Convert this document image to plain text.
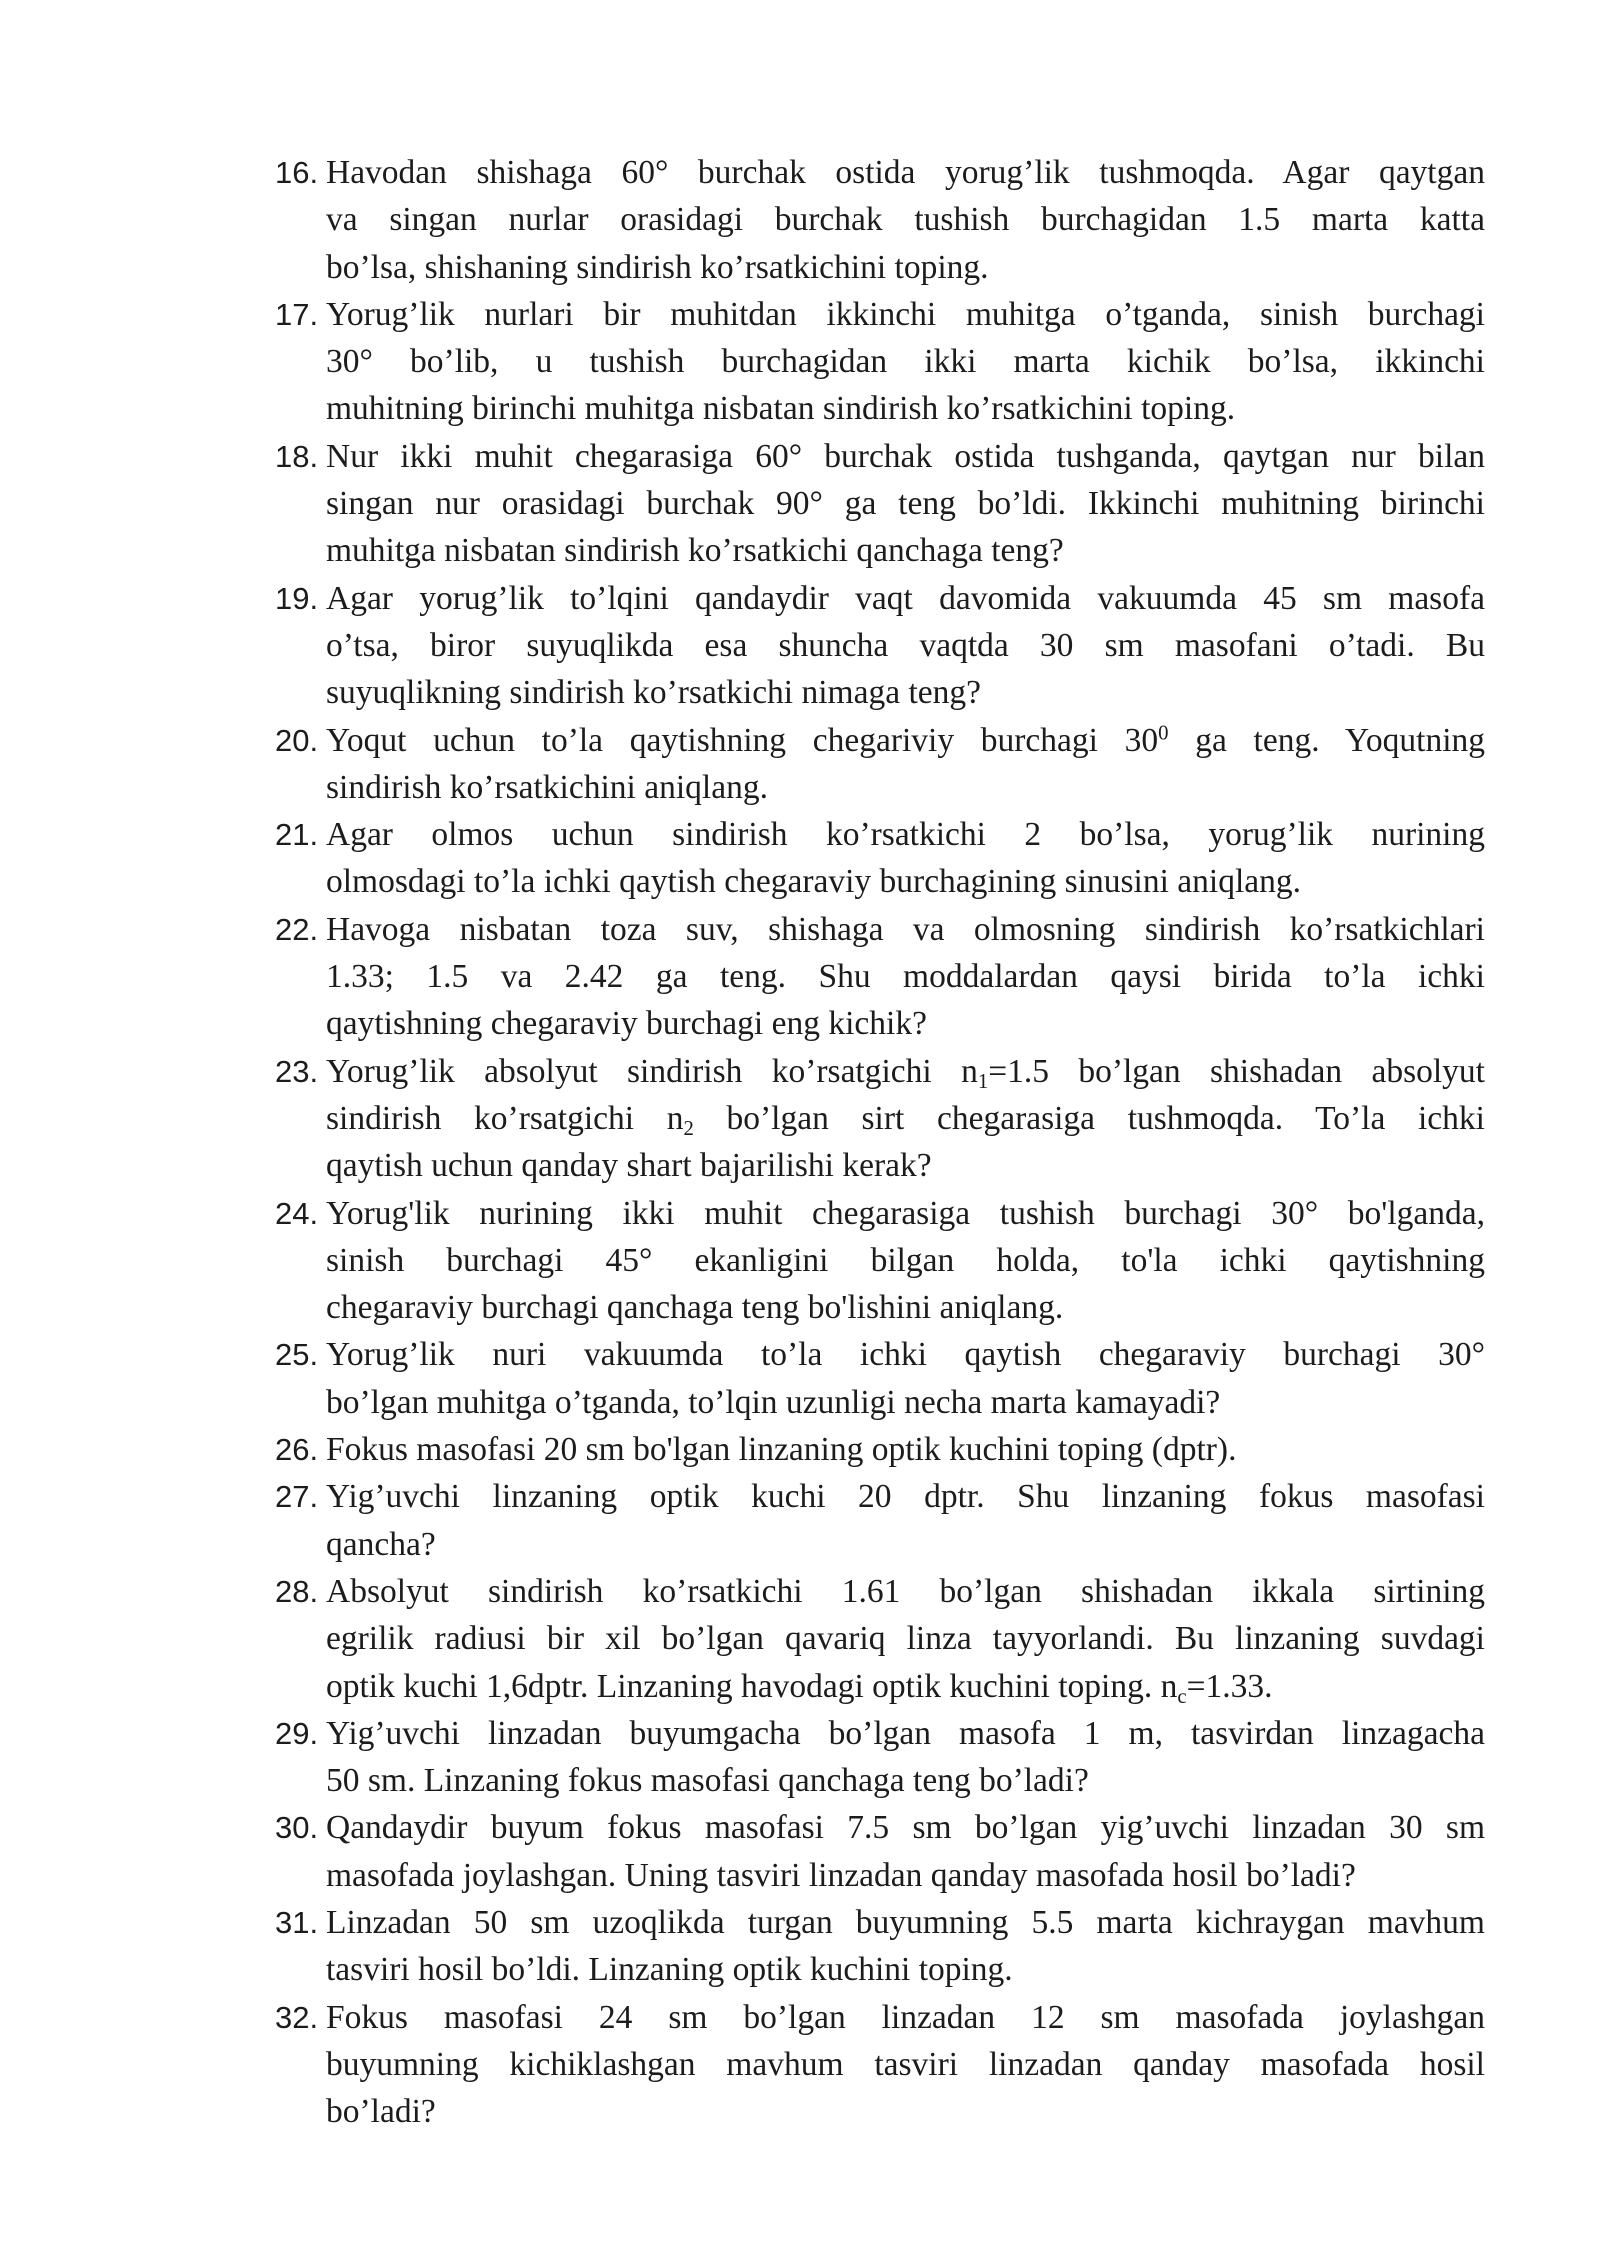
16. Havodan shishaga 60° burchak ostida yorug’lik tushmoqda. Agar qaytgan
va singan nurlar orasidagi burchak tushish burchagidan 1.5 marta katta
bo’lsa, shishaning sindirish ko’rsatkichini toping.
17. Yorug’lik nurlari bir muhitdan ikkinchi muhitga o’tganda, sinish burchagi
30° bo’lib, u tushish burchagidan ikki marta kichik bo’lsa, ikkinchi
muhitning birinchi muhitga nisbatan sindirish ko’rsatkichini toping.
18. Nur ikki muhit chegarasiga 60° burchak ostida tushganda, qaytgan nur bilan
singan nur orasidagi burchak 90° ga teng bo’ldi. Ikkinchi muhitning birinchi
muhitga nisbatan sindirish ko’rsatkichi qanchaga teng?
19. Agar yorug’lik to’lqini qandaydir vaqt davomida vakuumda 45 sm masofa
o’tsa, biror suyuqlikda esa shuncha vaqtda 30 sm masofani o’tadi. Bu
suyuqlikning sindirish ko’rsatkichi nimaga teng?
20. Yoqut uchun to’la qaytishning chegariviy burchagi $30^0$ ga teng. Yoqutning
sindirish ko’rsatkichini aniqlang.
21. Agar olmos uchun sindirish ko’rsatkichi 2 bo’lsa, yorug’lik nurining
olmosdagi to’la ichki qaytish chegaraviy burchagining sinusini aniqlang.
22. Havoga nisbatan toza suv, shishaga va olmosning sindirish ko’rsatkichlari
1.33; 1.5 va 2.42 ga teng. Shu moddalardan qaysi birida to’la ichki
qaytishning chegaraviy burchagi eng kichik?
23. Yorug’lik absolyut sindirish ko’rsatgichi $n_1=1.5$ bo’lgan shishadan absolyut
sindirish ko’rsatgichi $n_2$ bo’lgan sirt chegarasiga tushmoqda. To’la ichki
qaytish uchun qanday shart bajarilishi kerak?
24. Yorug'lik nurining ikki muhit chegarasiga tushish burchagi 30° bo'lganda,
sinish burchagi 45° ekanligini bilgan holda, to'la ichki qaytishning
chegaraviy burchagi qanchaga teng bo'lishini aniqlang.
25. Yorug’lik nuri vakuumda to’la ichki qaytish chegaraviy burchagi 30°
bo’lgan muhitga o’tganda, to’lqin uzunligi necha marta kamayadi?
26. Fokus masofasi 20 sm bo'lgan linzaning optik kuchini toping (dptr).
27. Yig’uvchi linzaning optik kuchi 20 dptr. Shu linzaning fokus masofasi
qancha?
28. Absolyut sindirish ko’rsatkichi 1.61 bo’lgan shishadan ikkala sirtining
egrilik radiusi bir xil bo’lgan qavariq linza tayyorlandi. Bu linzaning suvdagi
optik kuchi 1,6dptr. Linzaning havodagi optik kuchini toping. $n_c=1.33$.
29. Yig’uvchi linzadan buyumgacha bo’lgan masofa 1 m, tasvirdan linzagacha
50 sm. Linzaning fokus masofasi qanchaga teng bo’ladi?
30. Qandaydir buyum fokus masofasi 7.5 sm bo’lgan yig’uvchi linzadan 30 sm
masofada joylashgan. Uning tasviri linzadan qanday masofada hosil bo’ladi?
31. Linzadan 50 sm uzoqlikda turgan buyumning 5.5 marta kichraygan mavhum
tasviri hosil bo’ldi. Linzaning optik kuchini toping.
32. Fokus masofasi 24 sm bo’lgan linzadan 12 sm masofada joylashgan
buyumning kichiklashgan mavhum tasviri linzadan qanday masofada hosil
bo’ladi?
